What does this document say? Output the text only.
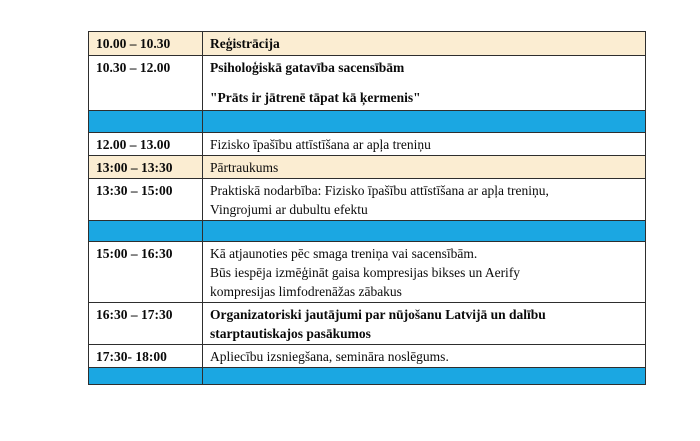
10.00 – 10.30	Reģistrācija

10.30 – 12.00	Psiholoģiskā gatavība sacensībām
"Prāts ir jātrenē tāpat kā ķermenis"

12.00 – 13.00	Fizisko īpašību attīstīšana ar apļa treniņu

13:00 – 13:30	Pārtraukums

13:30 – 15:00	Praktiskā nodarbība: Fizisko īpašību attīstīšana ar apļa treniņu,
Vingrojumi ar dubultu efektu

15:00 – 16:30	Kā atjaunoties pēc smaga treniņa vai sacensībām.
Būs iespēja izmēģināt gaisa kompresijas bikses un Aerify
kompresijas limfodrenāžas zābakus

16:30 – 17:30	Organizatoriski jautājumi par nūjošanu Latvijā un dalību
starptautiskajos pasākumos

17:30- 18:00	Apliecību izsniegšana, semināra noslēgums.
